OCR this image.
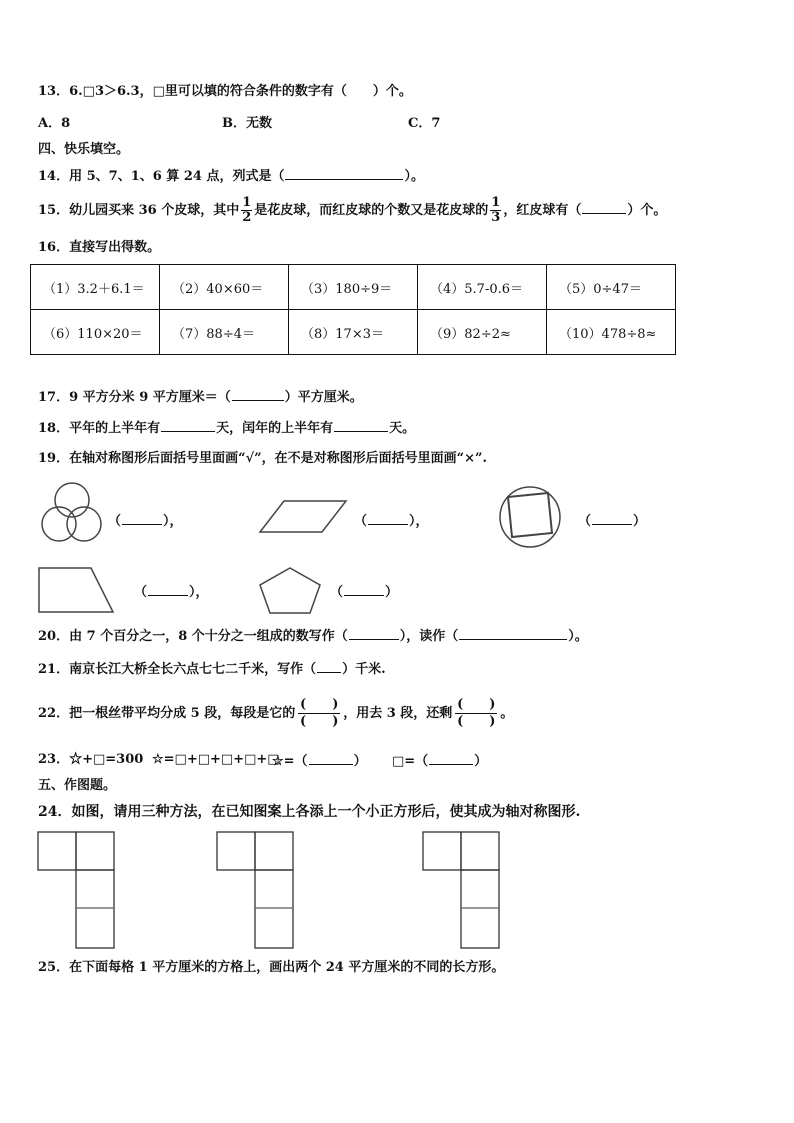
13．6.□3＞6.3，□里可以填的符合条件的数字有（　　）个。
A．8	B．无数	C．7
四、快乐填空。
14．用 5、7、1、6 算 24 点，列式是（	）。
15．幼儿园买来 36 个皮球，其中 $\frac{1}{2}$ 是花皮球，而红皮球的个数又是花皮球的 $\frac{1}{3}$ ，红皮球有（	）个。
16．直接写出得数。
（1）3.2＋6.1＝	（2）40×60＝	（3）180÷9＝	（4）5.7-0.6＝	（5）0÷47＝
（6）110×20＝	（7）88÷4＝	（8）17×3＝	（9）82÷2≈	（10）478÷8≈
17．9 平方分米 9 平方厘米＝（	）平方厘米。
18．平年的上半年有	天，闰年的上半年有	天。
19．在轴对称图形后面括号里面画“√”，在不是对称图形后面括号里面画“×”.
（	），	（	），	（	）
（	），	（	）
20．由 7 个百分之一，8 个十分之一组成的数写作（	），读作（	）。
21．南京长江大桥全长六点七七二千米，写作（ ）千米.
22．把一根丝带平均分成 5 段，每段是它的
(　　)
(　　)
，用去 3 段，还剩
(　　)
(　　)
。
23．☆+□=300 ☆=□+□+□+□+□
☆=（	） □=（	）
五、作图题。
24．如图，请用三种方法，在已知图案上各添上一个小正方形后，使其成为轴对称图形.
25．在下面每格 1 平方厘米的方格上，画出两个 24 平方厘米的不同的长方形。
